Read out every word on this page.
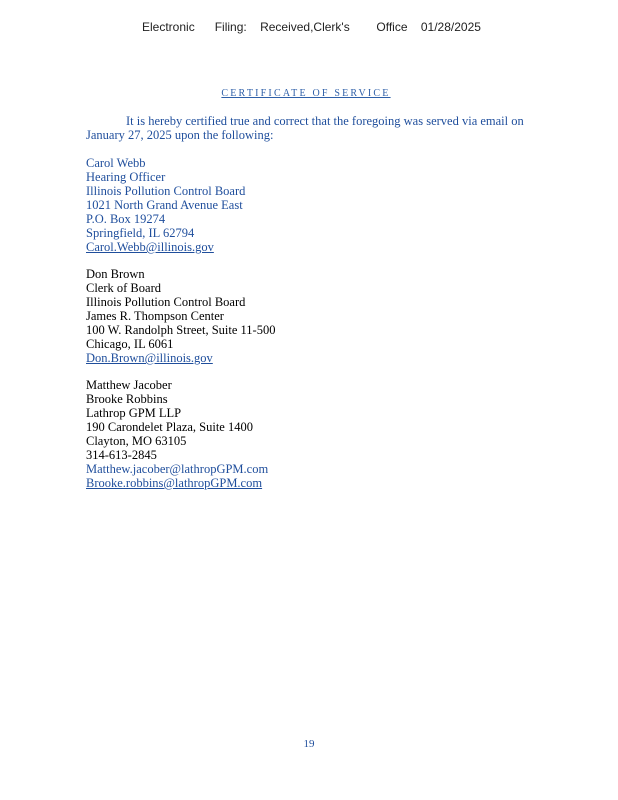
Electronic Filing: Received,Clerk's Office 01/28/2025
CERTIFICATE OF SERVICE
It is hereby certified true and correct that the foregoing was served via email on January 27, 2025 upon the following:
Carol Webb
Hearing Officer
Illinois Pollution Control Board
1021 North Grand Avenue East
P.O. Box 19274
Springfield, IL 62794
Carol.Webb@illinois.gov
Don Brown
Clerk of Board
Illinois Pollution Control Board
James R. Thompson Center
100 W. Randolph Street, Suite 11-500
Chicago, IL 6061
Don.Brown@illinois.gov
Matthew Jacober
Brooke Robbins
Lathrop GPM LLP
190 Carondelet Plaza, Suite 1400
Clayton, MO 63105
314-613-2845
Matthew.jacober@lathropGPM.com
Brooke.robbins@lathropGPM.com
19
